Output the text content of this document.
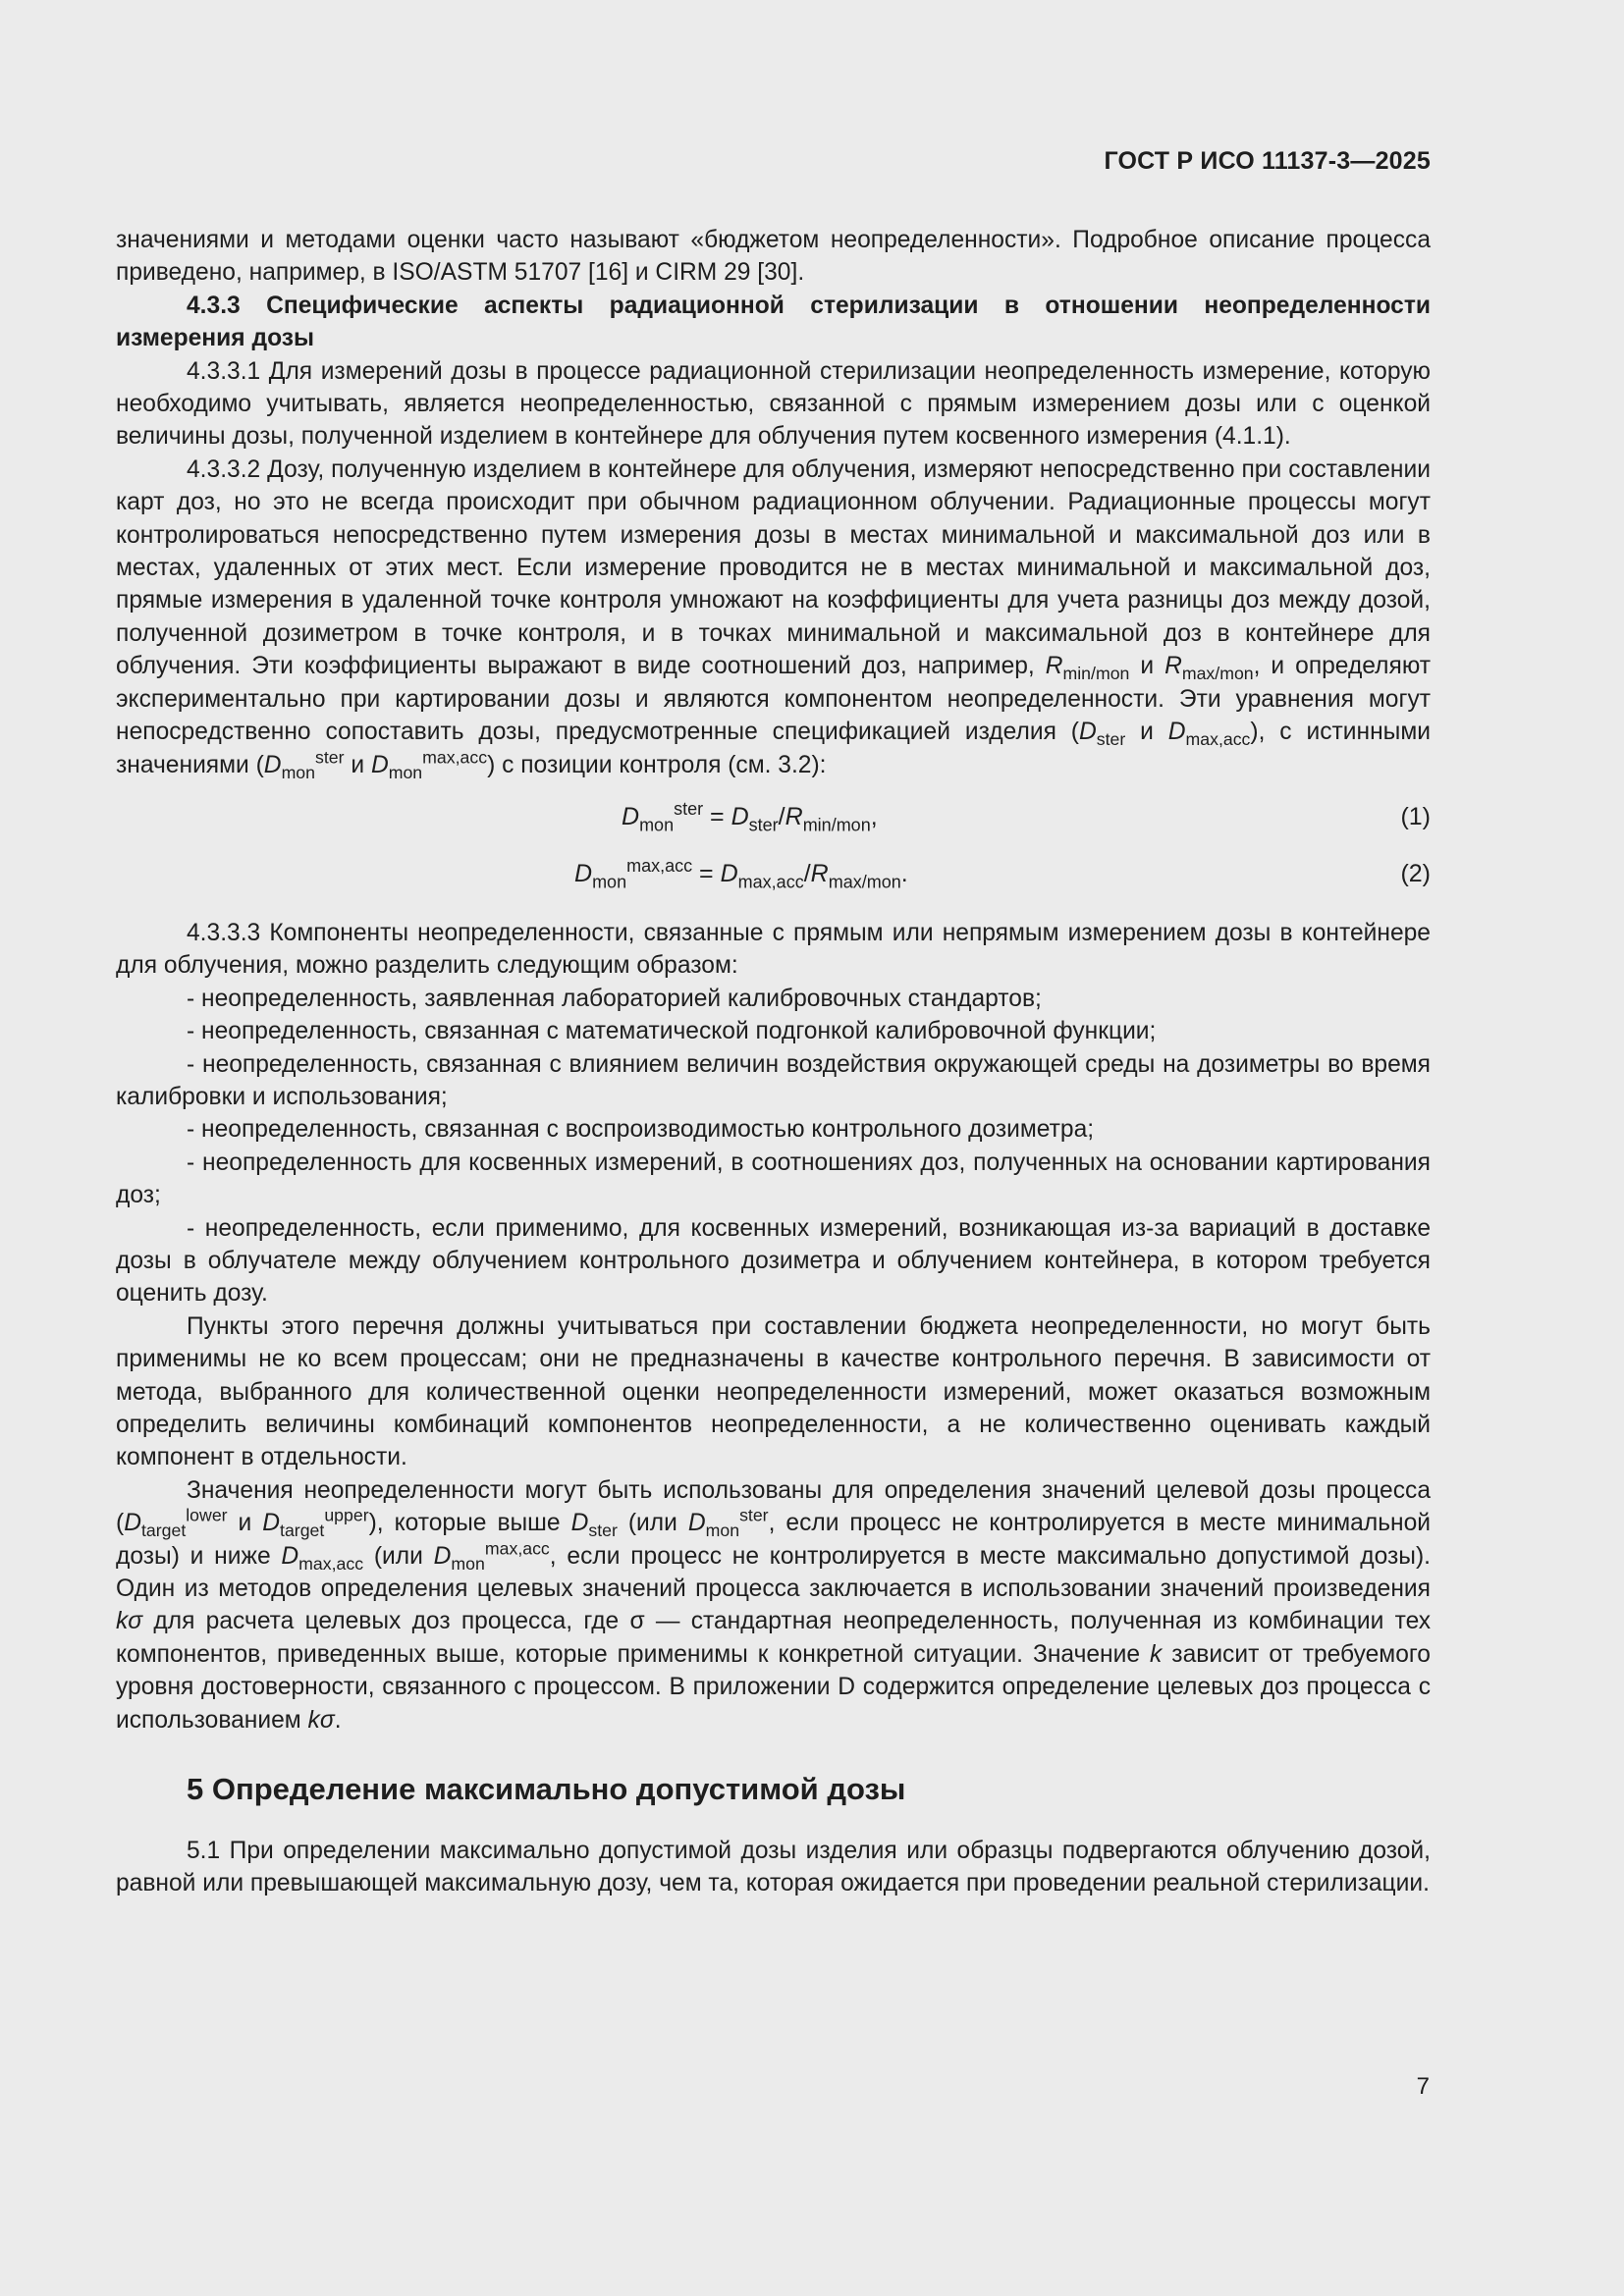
ГОСТ Р ИСО 11137-3—2025

значениями и методами оценки часто называют «бюджетом неопределенности». Подробное описание процесса приведено, например, в ISO/ASTM 51707 [16] и CIRM 29 [30].

4.3.3 Специфические аспекты радиационной стерилизации в отношении неопределенности измерения дозы

4.3.3.1 Для измерений дозы в процессе радиационной стерилизации неопределенность измерение, которую необходимо учитывать, является неопределенностью, связанной с прямым измерением дозы или с оценкой величины дозы, полученной изделием в контейнере для облучения путем косвенного измерения (4.1.1).

4.3.3.2 Дозу, полученную изделием в контейнере для облучения, измеряют непосредственно при составлении карт доз, но это не всегда происходит при обычном радиационном облучении. Радиационные процессы могут контролироваться непосредственно путем измерения дозы в местах минимальной и максимальной доз или в местах, удаленных от этих мест. Если измерение проводится не в местах минимальной и максимальной доз, прямые измерения в удаленной точке контроля умножают на коэффициенты для учета разницы доз между дозой, полученной дозиметром в точке контроля, и в точках минимальной и максимальной доз в контейнере для облучения. Эти коэффициенты выражают в виде соотношений доз, например, $R_{min/mon}$ и $R_{max/mon}$, и определяют экспериментально при картировании дозы и являются компонентом неопределенности. Эти уравнения могут непосредственно сопоставить дозы, предусмотренные спецификацией изделия ($D_{ster}$ и $D_{max,acc}$), с истинными значениями ($D_{mon}^{ster}$ и $D_{mon}^{max,acc}$) с позиции контроля (см. 3.2):

$D_{mon}^{ster} = D_{ster}/R_{min/mon}$,	(1)
$D_{mon}^{max,acc} = D_{max,acc}/R_{max/mon}$.	(2)

4.3.3.3 Компоненты неопределенности, связанные с прямым или непрямым измерением дозы в контейнере для облучения, можно разделить следующим образом:

- неопределенность, заявленная лабораторией калибровочных стандартов;

- неопределенность, связанная с математической подгонкой калибровочной функции;

- неопределенность, связанная с влиянием величин воздействия окружающей среды на дозиметры во время калибровки и использования;

- неопределенность, связанная с воспроизводимостью контрольного дозиметра;

- неопределенность для косвенных измерений, в соотношениях доз, полученных на основании картирования доз;

- неопределенность, если применимо, для косвенных измерений, возникающая из-за вариаций в доставке дозы в облучателе между облучением контрольного дозиметра и облучением контейнера, в котором требуется оценить дозу.

Пункты этого перечня должны учитываться при составлении бюджета неопределенности, но могут быть применимы не ко всем процессам; они не предназначены в качестве контрольного перечня. В зависимости от метода, выбранного для количественной оценки неопределенности измерений, может оказаться возможным определить величины комбинаций компонентов неопределенности, а не количественно оценивать каждый компонент в отдельности.

Значения неопределенности могут быть использованы для определения значений целевой дозы процесса ($D_{target}^{lower}$ и $D_{target}^{upper}$), которые выше $D_{ster}$ (или $D_{mon}^{ster}$, если процесс не контролируется в месте минимальной дозы) и ниже $D_{max,acc}$ (или $D_{mon}^{max,acc}$, если процесс не контролируется в месте максимально допустимой дозы). Один из методов определения целевых значений процесса заключается в использовании значений произведения kσ для расчета целевых доз процесса, где σ — стандартная неопределенность, полученная из комбинации тех компонентов, приведенных выше, которые применимы к конкретной ситуации. Значение k зависит от требуемого уровня достоверности, связанного с процессом. В приложении D содержится определение целевых доз процесса с использованием kσ.

5 Определение максимально допустимой дозы

5.1 При определении максимально допустимой дозы изделия или образцы подвергаются облучению дозой, равной или превышающей максимальную дозу, чем та, которая ожидается при проведении реальной стерилизации.

7
